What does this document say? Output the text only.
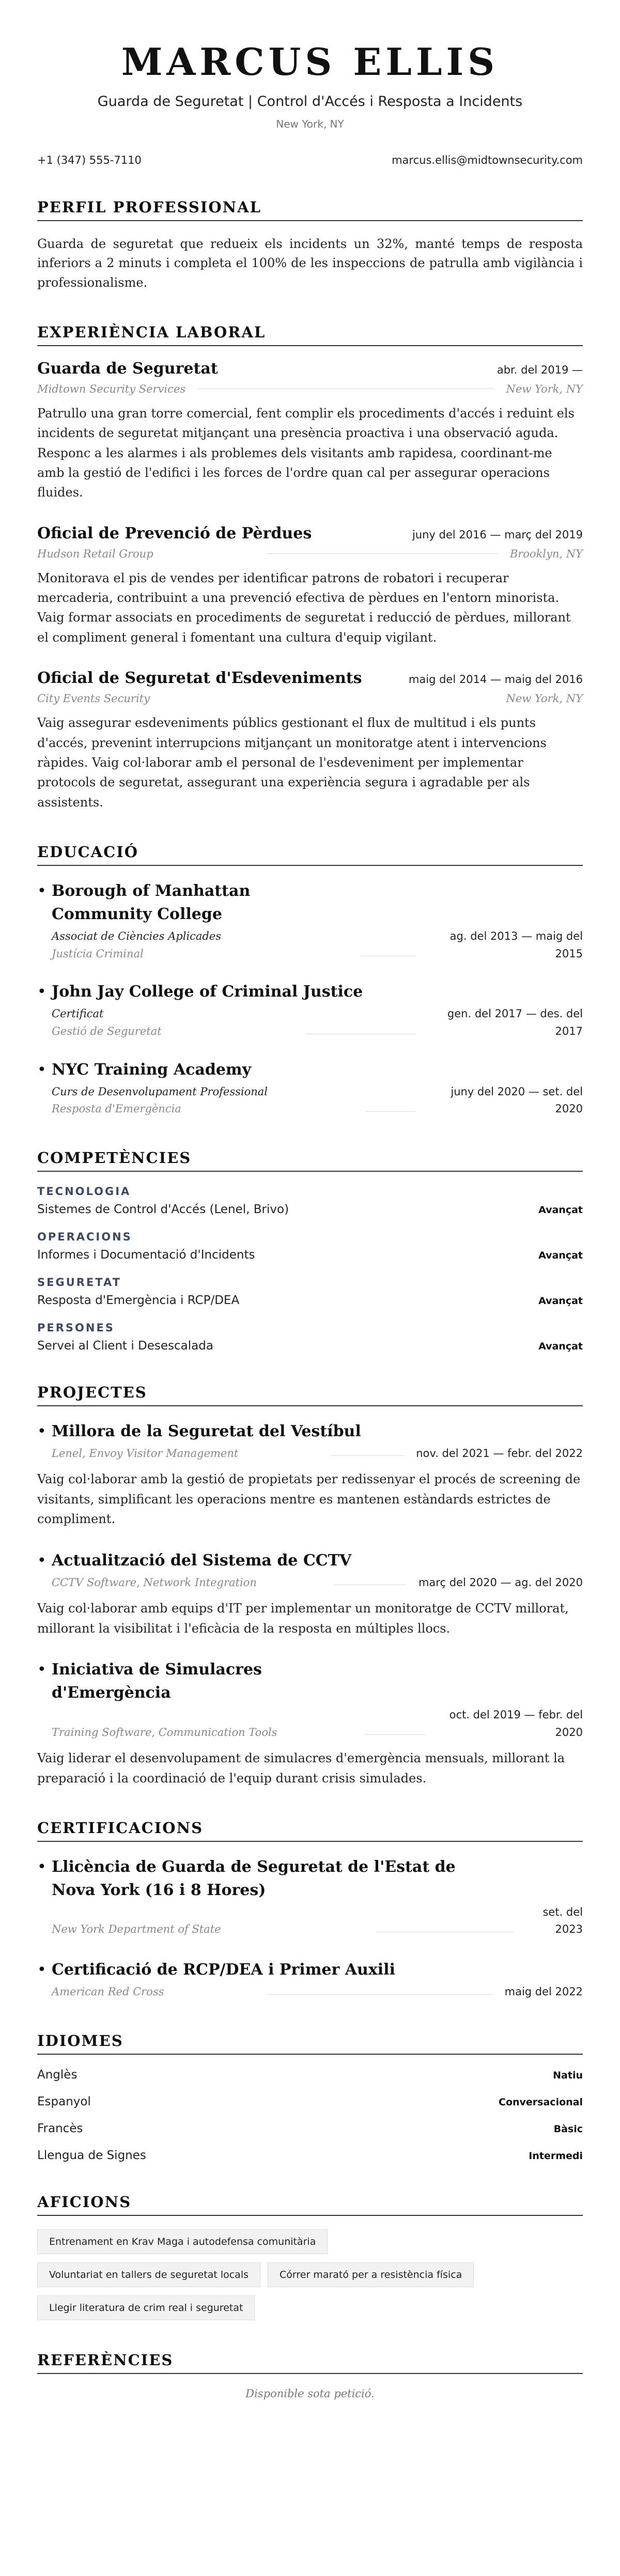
MARCUS ELLIS
Guarda de Seguretat | Control d'Accés i Resposta a Incidents
New York, NY
+1 (347) 555-7110	marcus.ellis@midtownsecurity.com
PERFIL PROFESSIONAL

Guarda de seguretat que redueix els incidents un 32%, manté temps de resposta inferiors a 2 minuts i completa el 100% de les inspeccions de patrulla amb vigilància i professionalisme.

EXPERIÈNCIA LABORAL
Guarda de Seguretat	abr. del 2019 —
Midtown Security Services	New York, NY

Patrullo una gran torre comercial, fent complir els procediments d'accés i reduint els incidents de seguretat mitjançant una presència proactiva i una observació aguda. Responc a les alarmes i als problemes dels visitants amb rapidesa, coordinant-me amb la gestió de l'edifici i les forces de l'ordre quan cal per assegurar operacions fluides.

Oficial de Prevenció de Pèrdues	juny del 2016 — març del 2019
Hudson Retail Group	Brooklyn, NY

Monitorava el pis de vendes per identificar patrons de robatori i recuperar mercaderia, contribuint a una prevenció efectiva de pèrdues en l'entorn minorista. Vaig formar associats en procediments de seguretat i reducció de pèrdues, millorant el compliment general i fomentant una cultura d'equip vigilant.

Oficial de Seguretat d'Esdeveniments	maig del 2014 — maig del 2016
City Events Security	New York, NY

Vaig assegurar esdeveniments públics gestionant el flux de multitud i els punts d'accés, prevenint interrupcions mitjançant un monitoratge atent i intervencions ràpides. Vaig col·laborar amb el personal de l'esdeveniment per implementar protocols de seguretat, assegurant una experiència segura i agradable per als assistents.

EDUCACIÓ
• Borough of Manhattan Community College
Associat de Ciències Aplicades
Justícia Criminal
ag. del 2013 — maig del 2015
• John Jay College of Criminal Justice
Certificat
Gestió de Seguretat
gen. del 2017 — des. del 2017
• NYC Training Academy
Curs de Desenvolupament Professional
Resposta d'Emergència
juny del 2020 — set. del 2020
COMPETÈNCIES
TECNOLOGIA
Sistemes de Control d'Accés (Lenel, Brivo)	Avançat
OPERACIONS
Informes i Documentació d'Incidents	Avançat
SEGURETAT
Resposta d'Emergència i RCP/DEA	Avançat
PERSONES
Servei al Client i Desescalada	Avançat
PROJECTES
• Millora de la Seguretat del Vestíbul
Lenel, Envoy Visitor Management	nov. del 2021 — febr. del 2022

Vaig col·laborar amb la gestió de propietats per redissenyar el procés de screening de visitants, simplificant les operacions mentre es mantenen estàndards estrictes de compliment.

• Actualització del Sistema de CCTV
CCTV Software, Network Integration	març del 2020 — ag. del 2020

Vaig col·laborar amb equips d'IT per implementar un monitoratge de CCTV millorat, millorant la visibilitat i l'eficàcia de la resposta en múltiples llocs.

• Iniciativa de Simulacres d'Emergència
Training Software, Communication Tools
oct. del 2019 — febr. del 2020

Vaig liderar el desenvolupament de simulacres d'emergència mensuals, millorant la preparació i la coordinació de l'equip durant crisis simulades.

CERTIFICACIONS
• Llicència de Guarda de Seguretat de l'Estat de Nova York (16 i 8 Hores)
New York Department of State
set. del 2023
• Certificació de RCP/DEA i Primer Auxili
American Red Cross	maig del 2022
IDIOMES
Anglès	Natiu
Espanyol	Conversacional
Francès	Bàsic
Llengua de Signes	Intermedi
AFICIONS
Entrenament en Krav Maga i autodefensa comunitària
Voluntariat en tallers de seguretat locals	Córrer marató per a resistència física
Llegir literatura de crim real i seguretat
REFERÈNCIES

Disponible sota petició.
